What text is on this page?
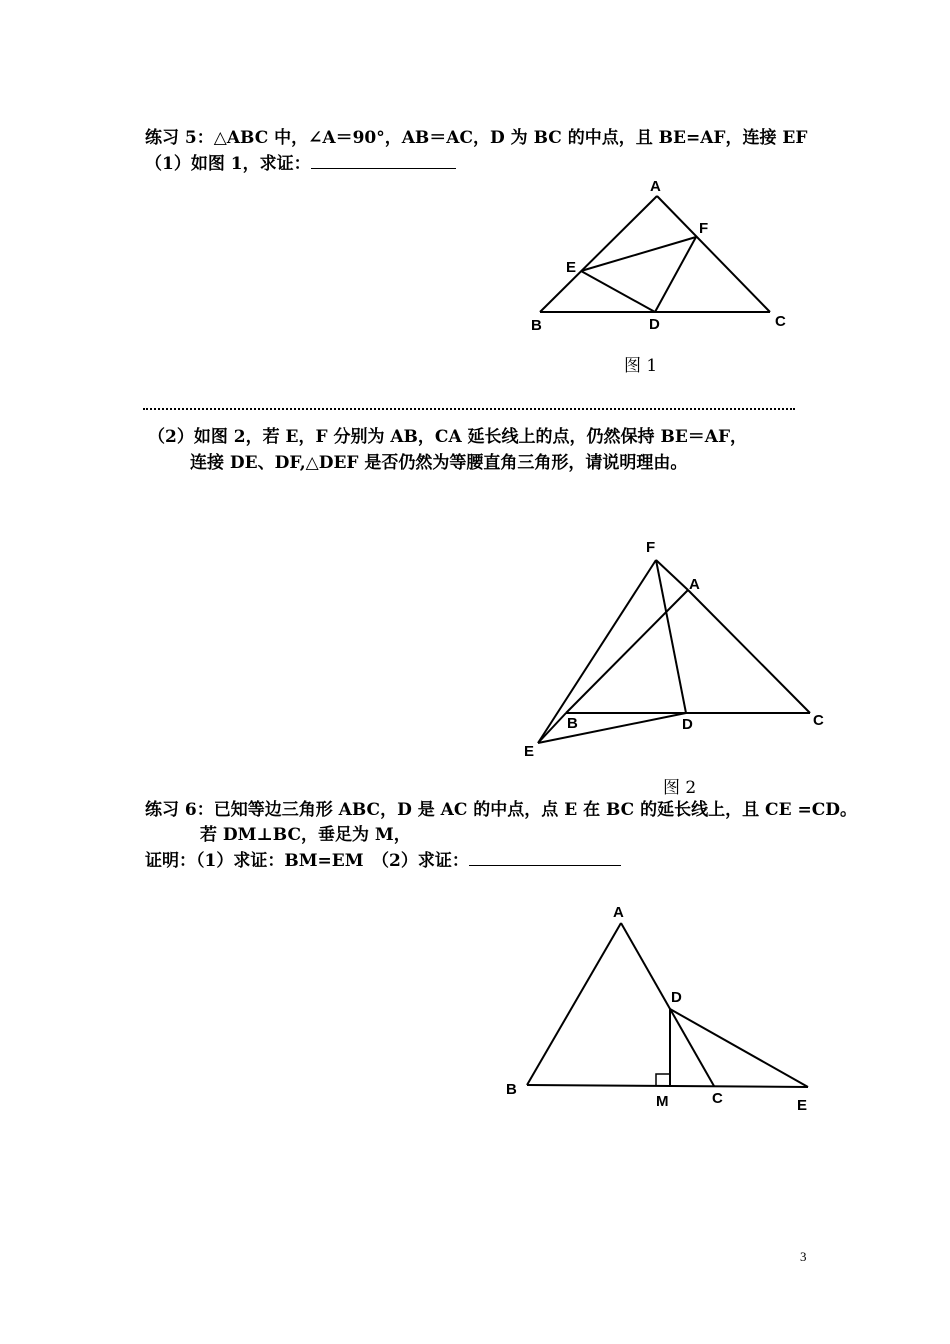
练习 5：△ABC 中，∠A＝90°，AB＝AC，D 为 BC 的中点，且 BE=AF，连接 EF
（1）如图 1，求证：
图 1
（2）如图 2，若 E，F 分别为 AB，CA 延长线上的点，仍然保持 BE＝AF，
连接 DE、DF,△DEF 是否仍然为等腰直角三角形，请说明理由。
图 2
练习 6：已知等边三角形 ABC，D 是 AC 的中点，点 E 在 BC 的延长线上，且 CE =CD。
若 DM⊥BC，垂足为 M，
证明：（1）求证：BM=EM　（2）求证：
3
A
F
E
B	D	C
F
A
B	D	C
E
A
D
B
M	C	E
